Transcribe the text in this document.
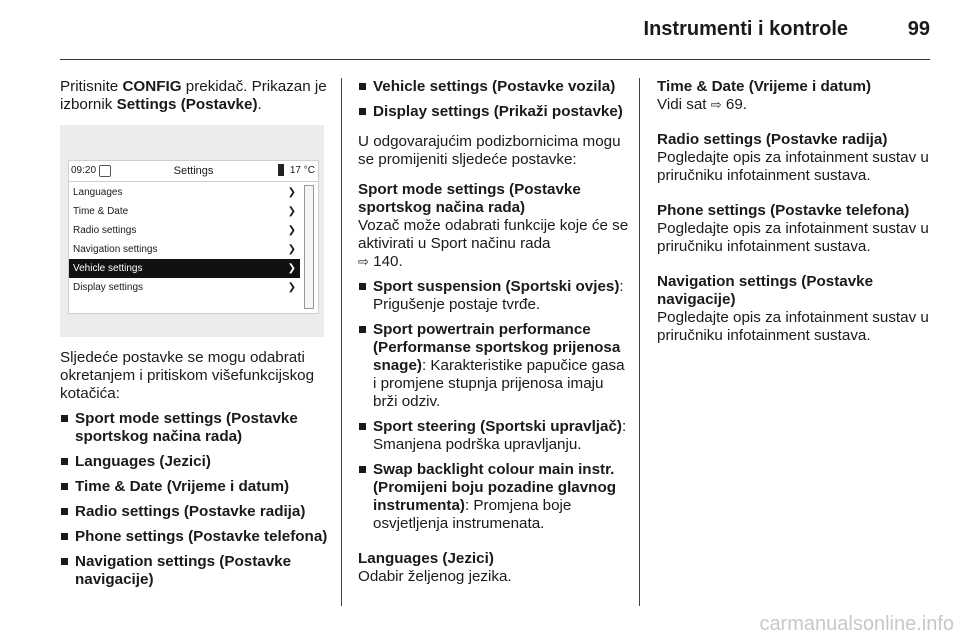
Instrumenti i kontrole	99

Pritisnite CONFIG prekidač. Prikazan je izbornik Settings (Postavke).

Settings
09:20	17 °C
Languages	❯
Time & Date	❯
Radio settings	❯
Navigation settings	❯
Vehicle settings	❯
Display settings	❯

Sljedeće postavke se mogu odabrati okretanjem i pritiskom višefunkcijskog kotačića:

Sport mode settings (Postavke sportskog načina rada)
Languages (Jezici)
Time & Date (Vrijeme i datum)
Radio settings (Postavke radija)
Phone settings (Postavke telefona)
Navigation settings (Postavke navigacije)
Vehicle settings (Postavke vozila)
Display settings (Prikaži postavke)

U odgovarajućim podizbornicima mogu se promijeniti sljedeće postavke:

Sport mode settings (Postavke sportskog načina rada)

Vozač može odabrati funkcije koje će se aktivirati u Sport načinu rada
⇨ 140.

Sport suspension (Sportski ovjes): Prigušenje postaje tvrđe.
Sport powertrain performance (Performanse sportskog prijenosa snage): Karakteristike papučice gasa i promjene stupnja prijenosa imaju brži odziv.
Sport steering (Sportski upravljač): Smanjena podrška upravljanju.
Swap backlight colour main instr. (Promijeni boju pozadine glavnog instrumenta): Promjena boje osvjetljenja instrumenata.

Languages (Jezici)

Odabir željenog jezika.

Time & Date (Vrijeme i datum)

Vidi sat ⇨ 69.

Radio settings (Postavke radija)

Pogledajte opis za infotainment sustav u priručniku infotainment sustava.

Phone settings (Postavke telefona)

Pogledajte opis za infotainment sustav u priručniku infotainment sustava.

Navigation settings (Postavke navigacije)

Pogledajte opis za infotainment sustav u priručniku infotainment sustava.

carmanualsonline.info
